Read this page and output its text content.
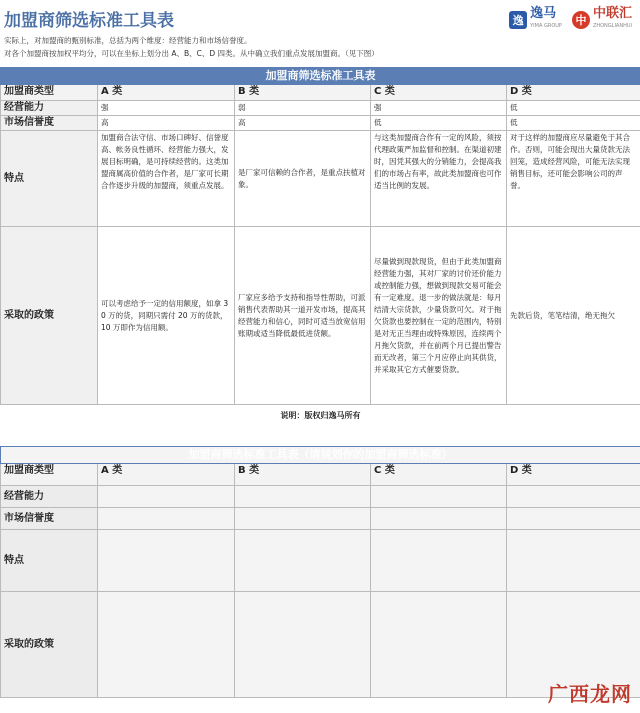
加盟商筛选标准工具表	逸 逸马
YIMA GROUP	中 中联汇
ZHONGLIANHUI
实际上，对加盟商的甄别标准，总括为两个维度：经营能力和市场信誉度。
对各个加盟商按加权平均分，可以在坐标上划分出 A、B、C、D 四类。从中确立我们重点发展加盟商。（见下图）
加盟商筛选标准工具表				
加盟商类型	A 类	B 类	C 类	D 类
经营能力	强	弱	强	低
市场信誉度	高	高	低	低
特点	加盟商合法守信、市场口碑好、信誉度高、帐务良性循环、经营能力强大，发展目标明确，是可持续经营的。这类加盟商属高价值的合作者，是厂家可长期合作逐步升级的加盟商，须重点发展。	是厂家可信赖的合作者，是重点扶植对象。	与这类加盟商合作有一定的风险，须按代理政策严加监督和控制。在渠道初建时，因凭其强大的分销能力，会提高我们的市场占有率，故此类加盟商也可作适当比例的发展。	对于这样的加盟商应尽量避免于其合作。否则，可能会现出大量货款无法回笼，造成经营风险，可能无法实现销售目标，还可能会影响公司的声誉。
采取的政策	可以考虑给予一定的信用额度，如拿 30 万的货，同期只需付 20 万的货款，10 万即作为信用额。	厂家应多给予支持和指导性帮助，可派销售代表帮助其一道开发市场，提高其经营能力和信心，同时可适当放宽信用账期或适当降低最低进货额。	尽量做到现款现货，但由于此类加盟商经营能力强，其对厂家的讨价还价能力或控制能力强，想做到现款交易可能会有一定难度。退一步的做法就是：每月结清大宗货款，少量货款可欠。对于拖欠货款也要控制在一定的范围内，特别是对无正当理由或特殊原因，连续两个月拖欠货款，并在前两个月已提出警告而无改者，第三个月应停止向其供货，并采取其它方式催要货款。	先款后货，笔笔结清，绝无拖欠
说明：版权归逸马所有				
加盟商筛选标准工具表（请规划你的加盟商筛选标准）				
加盟商类型	A 类	B 类	C 类	D 类
经营能力				
市场信誉度				
特点				
采取的政策				
广西龙网
